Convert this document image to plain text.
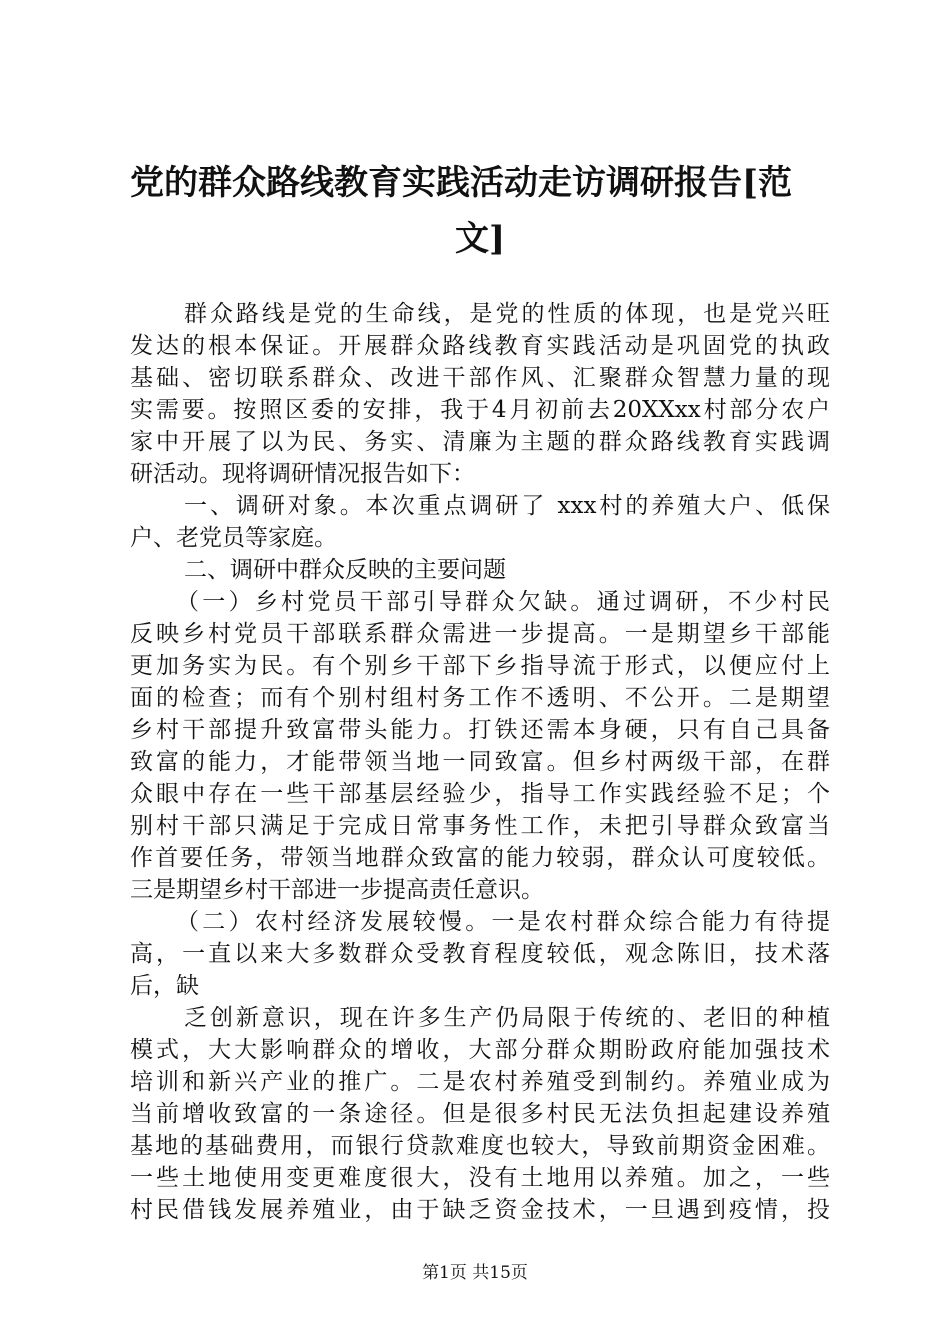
党的群众路线教育实践活动走访调研报告[范
文]
群众路线是党的生命线，是党的性质的体现，也是党兴旺
发达的根本保证。开展群众路线教育实践活动是巩固党的执政
基础、密切联系群众、改进干部作风、汇聚群众智慧力量的现
实需要。按照区委的安排，我于4月初前去20XXxx村部分农户
家中开展了以为民、务实、清廉为主题的群众路线教育实践调
研活动。现将调研情况报告如下：
一、调研对象。本次重点调研了 xxx村的养殖大户、低保
户、老党员等家庭。
二、调研中群众反映的主要问题
（一）乡村党员干部引导群众欠缺。通过调研，不少村民
反映乡村党员干部联系群众需进一步提高。一是期望乡干部能
更加务实为民。有个别乡干部下乡指导流于形式，以便应付上
面的检查；而有个别村组村务工作不透明、不公开。二是期望
乡村干部提升致富带头能力。打铁还需本身硬，只有自己具备
致富的能力，才能带领当地一同致富。但乡村两级干部，在群
众眼中存在一些干部基层经验少，指导工作实践经验不足；个
别村干部只满足于完成日常事务性工作，未把引导群众致富当
作首要任务，带领当地群众致富的能力较弱，群众认可度较低。
三是期望乡村干部进一步提高责任意识。
（二）农村经济发展较慢。一是农村群众综合能力有待提
高，一直以来大多数群众受教育程度较低，观念陈旧，技术落
后，缺
乏创新意识，现在许多生产仍局限于传统的、老旧的种植
模式，大大影响群众的增收，大部分群众期盼政府能加强技术
培训和新兴产业的推广。二是农村养殖受到制约。养殖业成为
当前增收致富的一条途径。但是很多村民无法负担起建设养殖
基地的基础费用，而银行贷款难度也较大，导致前期资金困难。
一些土地使用变更难度很大，没有土地用以养殖。加之，一些
村民借钱发展养殖业，由于缺乏资金技术，一旦遇到疫情，投
第1页 共15页
